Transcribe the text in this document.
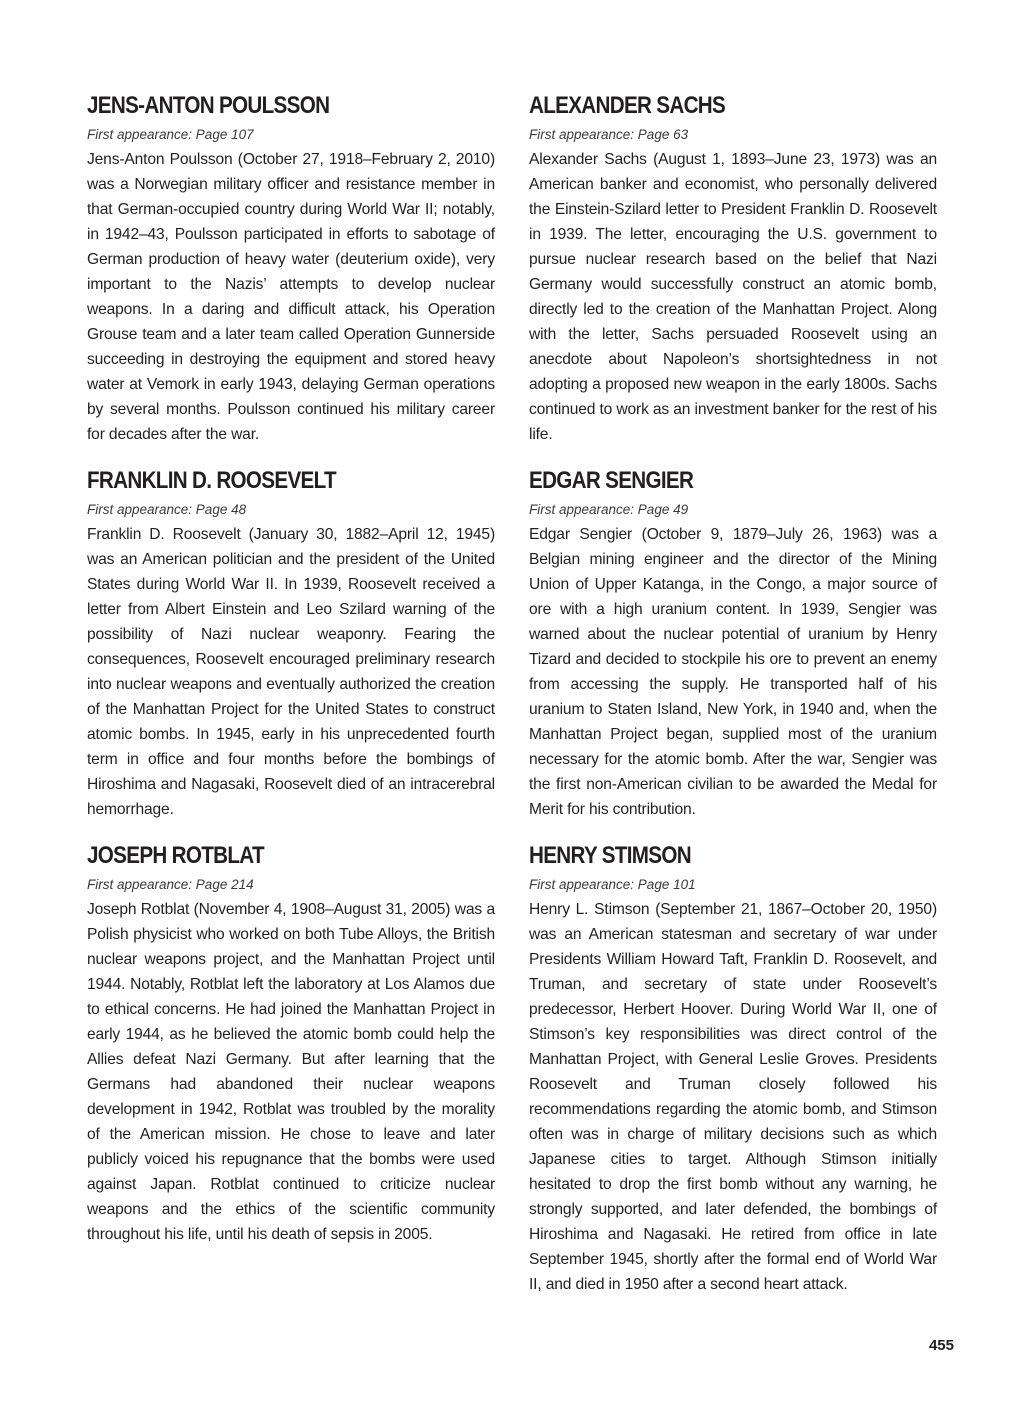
JENS-ANTON POULSSON
First appearance: Page 107

Jens-Anton Poulsson (October 27, 1918–February 2, 2010) was a Norwegian military officer and resistance member in that German-occupied country during World War II; notably, in 1942–43, Poulsson participated in efforts to sabotage of German production of heavy water (deuterium oxide), very important to the Nazis’ attempts to develop nuclear weapons. In a daring and difficult attack, his Operation Grouse team and a later team called Operation Gunnerside succeeding in destroying the equipment and stored heavy water at Vemork in early 1943, delaying German operations by several months. Poulsson continued his military career for decades after the war.

FRANKLIN D. ROOSEVELT
First appearance: Page 48

Franklin D. Roosevelt (January 30, 1882–April 12, 1945) was an American politician and the president of the United States during World War II. In 1939, Roosevelt received a letter from Albert Einstein and Leo Szilard warning of the possibility of Nazi nuclear weaponry. Fearing the consequences, Roosevelt encouraged preliminary research into nuclear weapons and eventually authorized the creation of the Manhattan Project for the United States to construct atomic bombs. In 1945, early in his unprecedented fourth term in office and four months before the bombings of Hiroshima and Nagasaki, Roosevelt died of an intracerebral hemorrhage.

JOSEPH ROTBLAT
First appearance: Page 214

Joseph Rotblat (November 4, 1908–August 31, 2005) was a Polish physicist who worked on both Tube Alloys, the British nuclear weapons project, and the Manhattan Project until 1944. Notably, Rotblat left the laboratory at Los Alamos due to ethical concerns. He had joined the Manhattan Project in early 1944, as he believed the atomic bomb could help the Allies defeat Nazi Germany. But after learning that the Germans had abandoned their nuclear weapons development in 1942, Rotblat was troubled by the morality of the American mission. He chose to leave and later publicly voiced his repugnance that the bombs were used against Japan. Rotblat continued to criticize nuclear weapons and the ethics of the scientific community throughout his life, until his death of sepsis in 2005.

ALEXANDER SACHS
First appearance: Page 63

Alexander Sachs (August 1, 1893–June 23, 1973) was an American banker and economist, who personally delivered the Einstein-Szilard letter to President Franklin D. Roosevelt in 1939. The letter, encouraging the U.S. government to pursue nuclear research based on the belief that Nazi Germany would successfully construct an atomic bomb, directly led to the creation of the Manhattan Project. Along with the letter, Sachs persuaded Roosevelt using an anecdote about Napoleon’s shortsightedness in not adopting a proposed new weapon in the early 1800s. Sachs continued to work as an investment banker for the rest of his life.

EDGAR SENGIER
First appearance: Page 49

Edgar Sengier (October 9, 1879–July 26, 1963) was a Belgian mining engineer and the director of the Mining Union of Upper Katanga, in the Congo, a major source of ore with a high uranium content. In 1939, Sengier was warned about the nuclear potential of uranium by Henry Tizard and decided to stockpile his ore to prevent an enemy from accessing the supply. He transported half of his uranium to Staten Island, New York, in 1940 and, when the Manhattan Project began, supplied most of the uranium necessary for the atomic bomb. After the war, Sengier was the first non-American civilian to be awarded the Medal for Merit for his contribution.

HENRY STIMSON
First appearance: Page 101

Henry L. Stimson (September 21, 1867–October 20, 1950) was an American statesman and secretary of war under Presidents William Howard Taft, Franklin D. Roosevelt, and Truman, and secretary of state under Roosevelt’s predecessor, Herbert Hoover. During World War II, one of Stimson’s key responsibilities was direct control of the Manhattan Project, with General Leslie Groves. Presidents Roosevelt and Truman closely followed his recommendations regarding the atomic bomb, and Stimson often was in charge of military decisions such as which Japanese cities to target. Although Stimson initially hesitated to drop the first bomb without any warning, he strongly supported, and later defended, the bombings of Hiroshima and Nagasaki. He retired from office in late September 1945, shortly after the formal end of World War II, and died in 1950 after a second heart attack.

455
